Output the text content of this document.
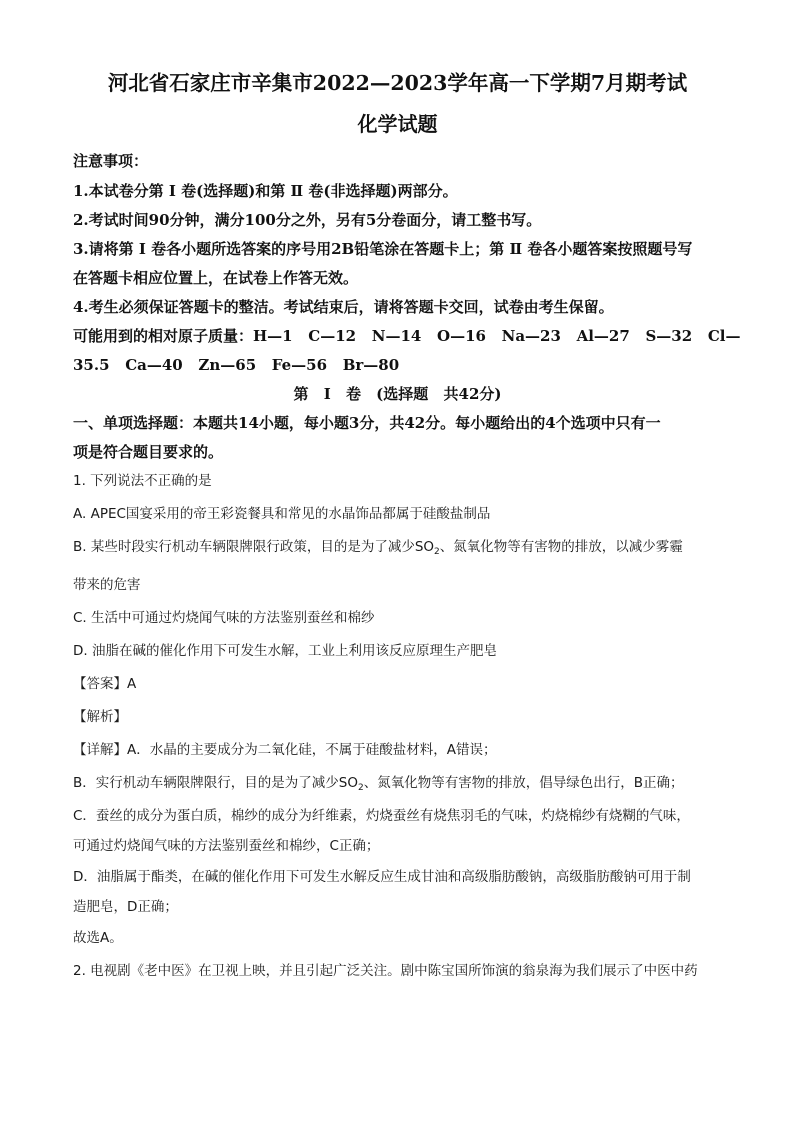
河北省石家庄市辛集市2022—2023学年高一下学期7月期考试
化学试题
注意事项：
1.本试卷分第 Ⅰ 卷(选择题)和第 Ⅱ 卷(非选择题)两部分。
2.考试时间90分钟，满分100分之外，另有5分卷面分，请工整书写。
3.请将第 Ⅰ 卷各小题所选答案的序号用2B铅笔涂在答题卡上；第 Ⅱ 卷各小题答案按照题号写
在答题卡相应位置上，在试卷上作答无效。
4.考生必须保证答题卡的整洁。考试结束后，请将答题卡交回，试卷由考生保留。
可能用到的相对原子质量：H—1   C—12   N—14   O—16   Na—23   Al—27   S—32   Cl—
35.5   Ca—40   Zn—65   Fe—56   Br—80
第 Ⅰ 卷 (选择题 共42分)
一、单项选择题：本题共14小题，每小题3分，共42分。每小题给出的4个选项中只有一
项是符合题目要求的。
1. 下列说法不正确的是
A. APEC国宴采用的帝王彩瓷餐具和常见的水晶饰品都属于硅酸盐制品
B. 某些时段实行机动车辆限牌限行政策，目的是为了减少$SO_2$、氮氧化物等有害物的排放，以减少雾霾
带来的危害
C. 生活中可通过灼烧闻气味的方法鉴别蚕丝和棉纱
D. 油脂在碱的催化作用下可发生水解，工业上利用该反应原理生产肥皂
【答案】A
【解析】
【详解】A．水晶的主要成分为二氧化硅，不属于硅酸盐材料，A错误；
B．实行机动车辆限牌限行，目的是为了减少$SO_2$、氮氧化物等有害物的排放，倡导绿色出行，B正确；
C．蚕丝的成分为蛋白质，棉纱的成分为纤维素，灼烧蚕丝有烧焦羽毛的气味，灼烧棉纱有烧糊的气味，
可通过灼烧闻气味的方法鉴别蚕丝和棉纱，C正确；
D．油脂属于酯类，在碱的催化作用下可发生水解反应生成甘油和高级脂肪酸钠，高级脂肪酸钠可用于制
造肥皂，D正确；
故选A。
2. 电视剧《老中医》在卫视上映，并且引起广泛关注。剧中陈宝国所饰演的翁泉海为我们展示了中医中药
